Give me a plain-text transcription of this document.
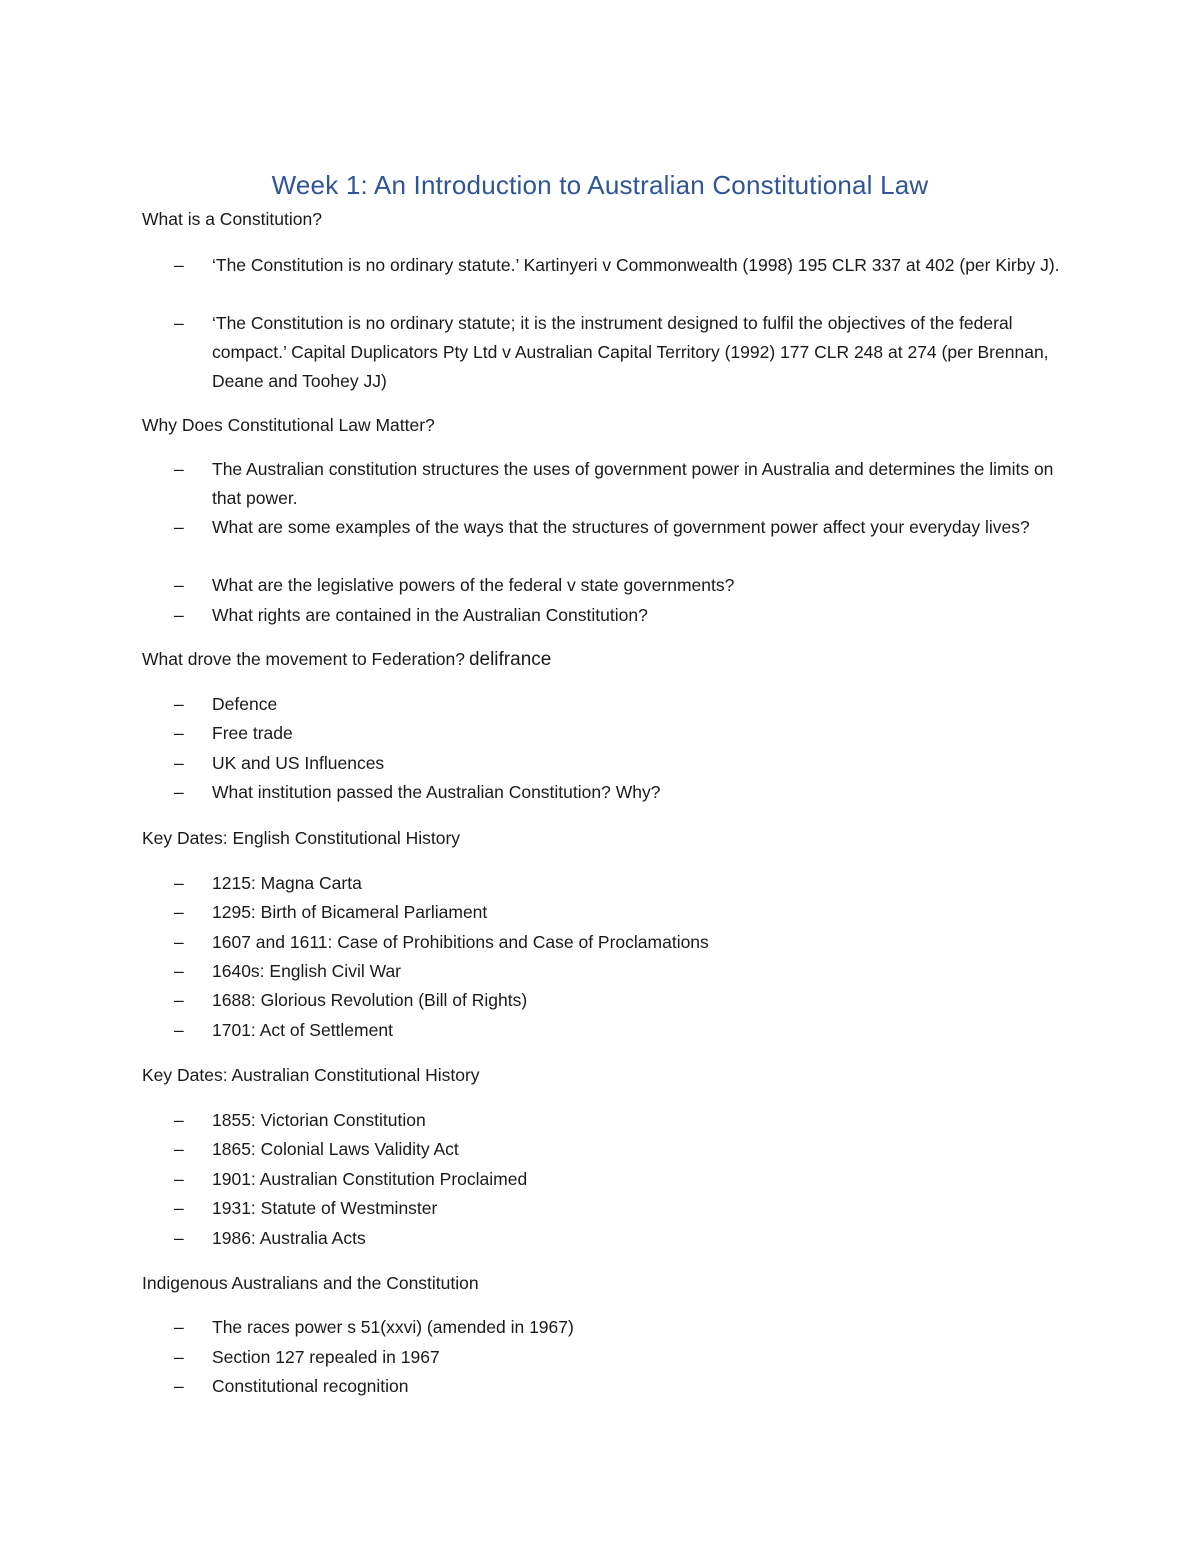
Week 1: An Introduction to Australian Constitutional Law
What is a Constitution?
– ‘The Constitution is no ordinary statute.’ Kartinyeri v Commonwealth (1998) 195 CLR 337 at 402 (per Kirby J).
– ‘The Constitution is no ordinary statute; it is the instrument designed to fulfil the objectives of the federal compact.’ Capital Duplicators Pty Ltd v Australian Capital Territory (1992) 177 CLR 248 at 274 (per Brennan, Deane and Toohey JJ)
Why Does Constitutional Law Matter?
– The Australian constitution structures the uses of government power in Australia and determines the limits on that power.
– What are some examples of the ways that the structures of government power affect your everyday lives?
– What are the legislative powers of the federal v state governments?
– What rights are contained in the Australian Constitution?
What drove the movement to Federation? delifrance
– Defence
– Free trade
– UK and US Influences
– What institution passed the Australian Constitution? Why?
Key Dates: English Constitutional History
– 1215: Magna Carta
– 1295: Birth of Bicameral Parliament
– 1607 and 1611: Case of Prohibitions and Case of Proclamations
– 1640s: English Civil War
– 1688: Glorious Revolution (Bill of Rights)
– 1701: Act of Settlement
Key Dates: Australian Constitutional History
– 1855: Victorian Constitution
– 1865: Colonial Laws Validity Act
– 1901: Australian Constitution Proclaimed
– 1931: Statute of Westminster
– 1986: Australia Acts
Indigenous Australians and the Constitution
– The races power s 51(xxvi) (amended in 1967)
– Section 127 repealed in 1967
– Constitutional recognition
